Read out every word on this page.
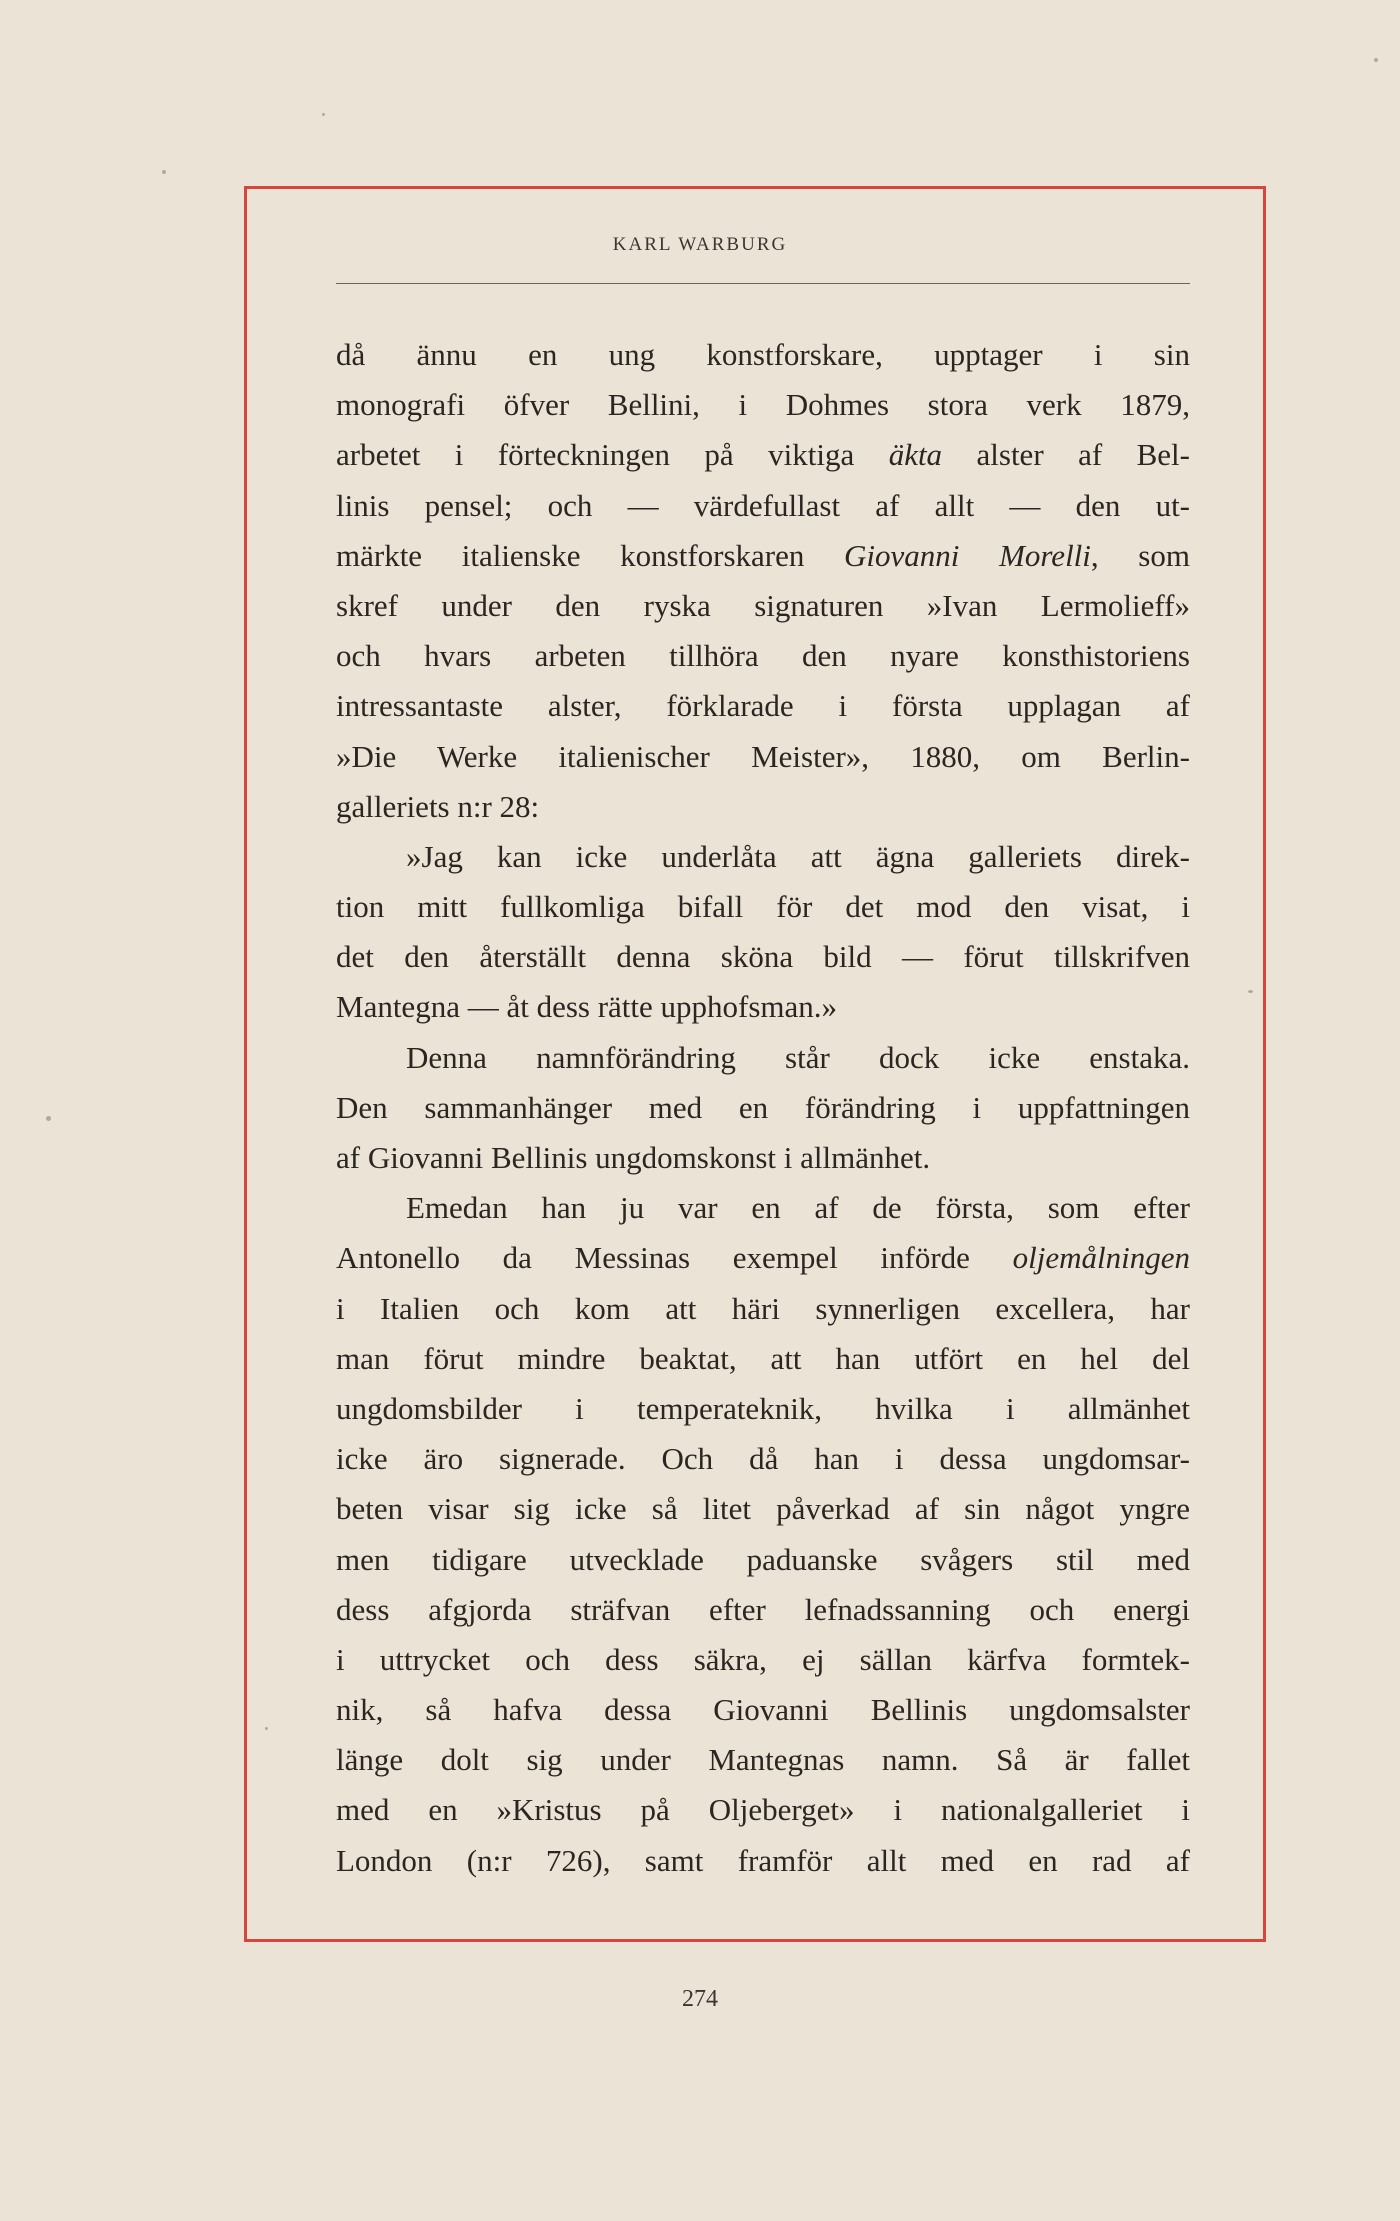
KARL WARBURG
då ännu en ung konstforskare, upptager i sin
monografi öfver Bellini, i Dohmes stora verk 1879,
arbetet i förteckningen på viktiga äkta alster af Bel-
linis pensel; och — värdefullast af allt — den ut-
märkte italienske konstforskaren Giovanni Morelli, som
skref under den ryska signaturen »Ivan Lermolieff»
och hvars arbeten tillhöra den nyare konsthistoriens
intressantaste alster, förklarade i första upplagan af
»Die Werke italienischer Meister», 1880, om Berlin-
galleriets n:r 28:
»Jag kan icke underlåta att ägna galleriets direk-
tion mitt fullkomliga bifall för det mod den visat, i
det den återställt denna sköna bild — förut tillskrifven
Mantegna — åt dess rätte upphofsman.»
Denna namnförändring står dock icke enstaka.
Den sammanhänger med en förändring i uppfattningen
af Giovanni Bellinis ungdomskonst i allmänhet.
Emedan han ju var en af de första, som efter
Antonello da Messinas exempel införde oljemålningen
i Italien och kom att häri synnerligen excellera, har
man förut mindre beaktat, att han utfört en hel del
ungdomsbilder i temperateknik, hvilka i allmänhet
icke äro signerade. Och då han i dessa ungdomsar-
beten visar sig icke så litet påverkad af sin något yngre
men tidigare utvecklade paduanske svågers stil med
dess afgjorda sträfvan efter lefnadssanning och energi
i uttrycket och dess säkra, ej sällan kärfva formtek-
nik, så hafva dessa Giovanni Bellinis ungdomsalster
länge dolt sig under Mantegnas namn. Så är fallet
med en »Kristus på Oljeberget» i nationalgalleriet i
London (n:r 726), samt framför allt med en rad af
274
